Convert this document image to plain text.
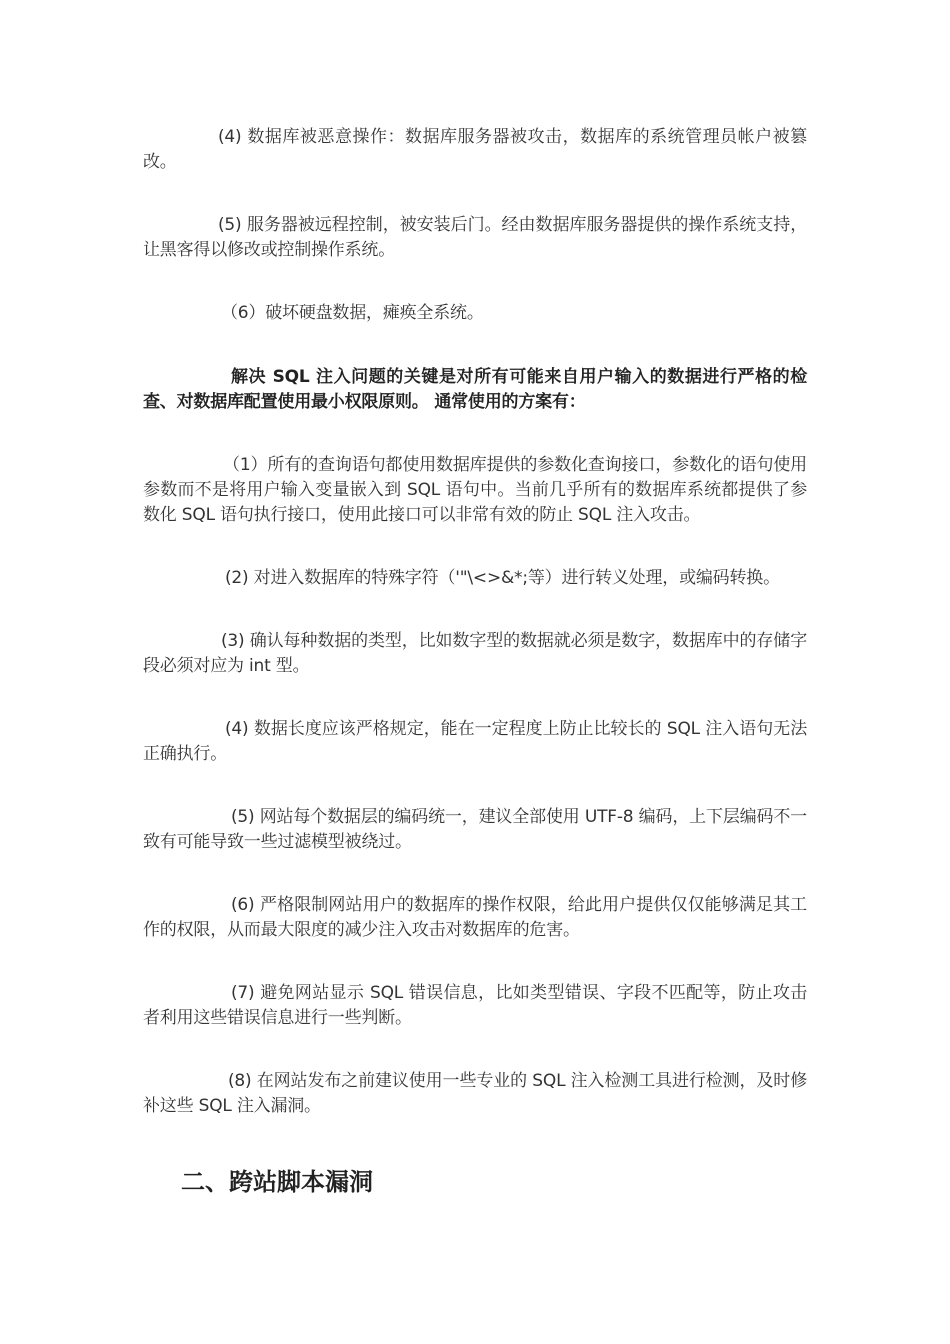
(4) 数据库被恶意操作：数据库服务器被攻击，数据库的系统管理员帐户被篡改。

(5) 服务器被远程控制，被安装后门。经由数据库服务器提供的操作系统支持，让黑客得以修改或控制操作系统。

（6）破坏硬盘数据，瘫痪全系统。

解决 SQL 注入问题的关键是对所有可能来自用户输入的数据进行严格的检查、对数据库配置使用最小权限原则。 通常使用的方案有：

（1）所有的查询语句都使用数据库提供的参数化查询接口，参数化的语句使用参数而不是将用户输入变量嵌入到 SQL 语句中。当前几乎所有的数据库系统都提供了参数化 SQL 语句执行接口，使用此接口可以非常有效的防止 SQL 注入攻击。

(2) 对进入数据库的特殊字符（'"\<>&*;等）进行转义处理，或编码转换。

(3) 确认每种数据的类型，比如数字型的数据就必须是数字，数据库中的存储字段必须对应为 int 型。

(4) 数据长度应该严格规定，能在一定程度上防止比较长的 SQL 注入语句无法正确执行。

(5) 网站每个数据层的编码统一，建议全部使用 UTF-8 编码，上下层编码不一致有可能导致一些过滤模型被绕过。

(6) 严格限制网站用户的数据库的操作权限，给此用户提供仅仅能够满足其工作的权限，从而最大限度的减少注入攻击对数据库的危害。

(7) 避免网站显示 SQL 错误信息，比如类型错误、字段不匹配等，防止攻击者利用这些错误信息进行一些判断。

(8) 在网站发布之前建议使用一些专业的 SQL 注入检测工具进行检测，及时修补这些 SQL 注入漏洞。

二、跨站脚本漏洞
